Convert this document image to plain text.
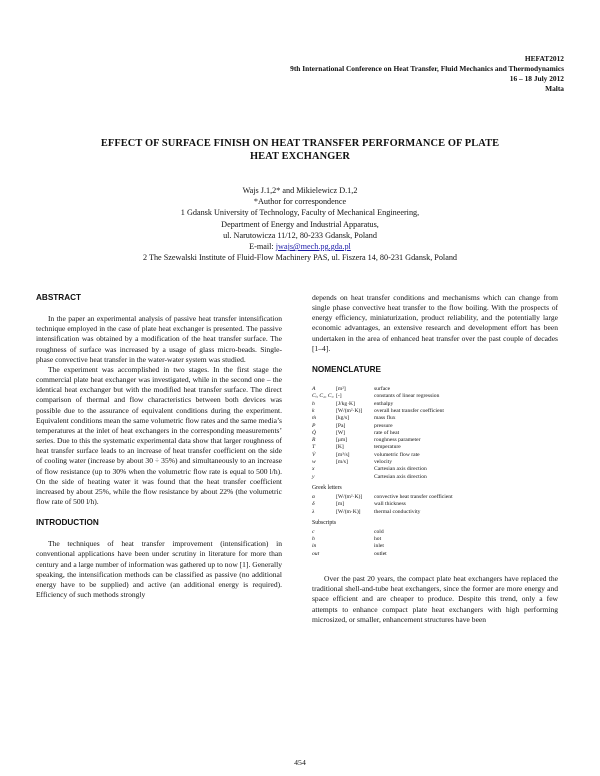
HEFAT2012
9th International Conference on Heat Transfer, Fluid Mechanics and Thermodynamics
16 – 18 July 2012
Malta
EFFECT OF SURFACE FINISH ON HEAT TRANSFER PERFORMANCE OF PLATE
HEAT EXCHANGER
Wajs J.1,2* and Mikielewicz D.1,2
*Author for correspondence
1 Gdansk University of Technology, Faculty of Mechanical Engineering,
Department of Energy and Industrial Apparatus,
ul. Narutowicza 11/12, 80-233 Gdansk, Poland
E-mail: jwajs@mech.pg.gda.pl
2 The Szewalski Institute of Fluid-Flow Machinery PAS, ul. Fiszera 14, 80-231 Gdansk, Poland
ABSTRACT

In the paper an experimental analysis of passive heat transfer intensification technique employed in the case of plate heat exchanger is presented. The passive intensification was obtained by a modification of the heat transfer surface. The roughness of surface was increased by a usage of glass micro-beads. Single-phase convective heat transfer in the water-water system was studied.

The experiment was accomplished in two stages. In the first stage the commercial plate heat exchanger was investigated, while in the second one – the identical heat exchanger but with the modified heat transfer surface. The direct comparison of thermal and flow characteristics between both devices was possible due to the assurance of equivalent conditions during the experiment. Equivalent conditions mean the same volumetric flow rates and the same media’s temperatures at the inlet of heat exchangers in the corresponding measurements’ series. Due to this the systematic experimental data show that larger roughness of heat transfer surface leads to an increase of heat transfer coefficient on the side of cooling water (increase by about 30 ÷ 35%) and simultaneously to an increase of flow resistance (up to 30% when the volumetric flow rate is equal to 500 l/h). On the side of heating water it was found that the heat transfer coefficient increased by about 25%, while the flow resistance by about 22% (the volumetric flow rate of 500 l/h).

INTRODUCTION

The techniques of heat transfer improvement (intensification) in conventional applications have been under scrutiny in literature for more than century and a large number of information was gathered up to now [1]. Generally speaking, the intensification methods can be classified as passive (no additional energy have to be supplied) and active (an additional energy is required). Efficiency of such methods strongly

depends on heat transfer conditions and mechanisms which can change from single phase convective heat transfer to the flow boiling. With the prospects of energy efficiency, miniaturization, product reliability, and the potentially large economic advantages, an extensive research and development effort has been undertaken in the area of enhanced heat transfer over the past couple of decades [1–4].

NOMENCLATURE
A	[m²]	surface
Cᵢ, C₂, C₃	[-]	constants of linear regression
h	[J/kg·K]	enthalpy
k	[W/(m²·K)]	overall heat transfer coefficient
ṁ	[kg/s]	mass flux
P	[Pa]	pressure
Q̇	[W]	rate of heat
R	[μm]	roughness parameter
T	[K]	temperature
V̇	[m³/s]	volumetric flow rate
w	[m/s]	velocity
x		Cartesian axis direction
y		Cartesian axis direction
Greek letters
α	[W/(m²·K)]	convective heat transfer coefficient
δ	[m]	wall thickness
λ	[W/(m·K)]	thermal conductivity
Subscripts
c		cold
h		hot
in		inlet
out		outlet

Over the past 20 years, the compact plate heat exchangers have replaced the traditional shell-and-tube heat exchangers, since the former are more energy and space efficient and are cheaper to produce. Despite this trend, only a few attempts to enhance compact plate heat exchangers with high performing microsized, or smaller, enhancement structures have been

454
